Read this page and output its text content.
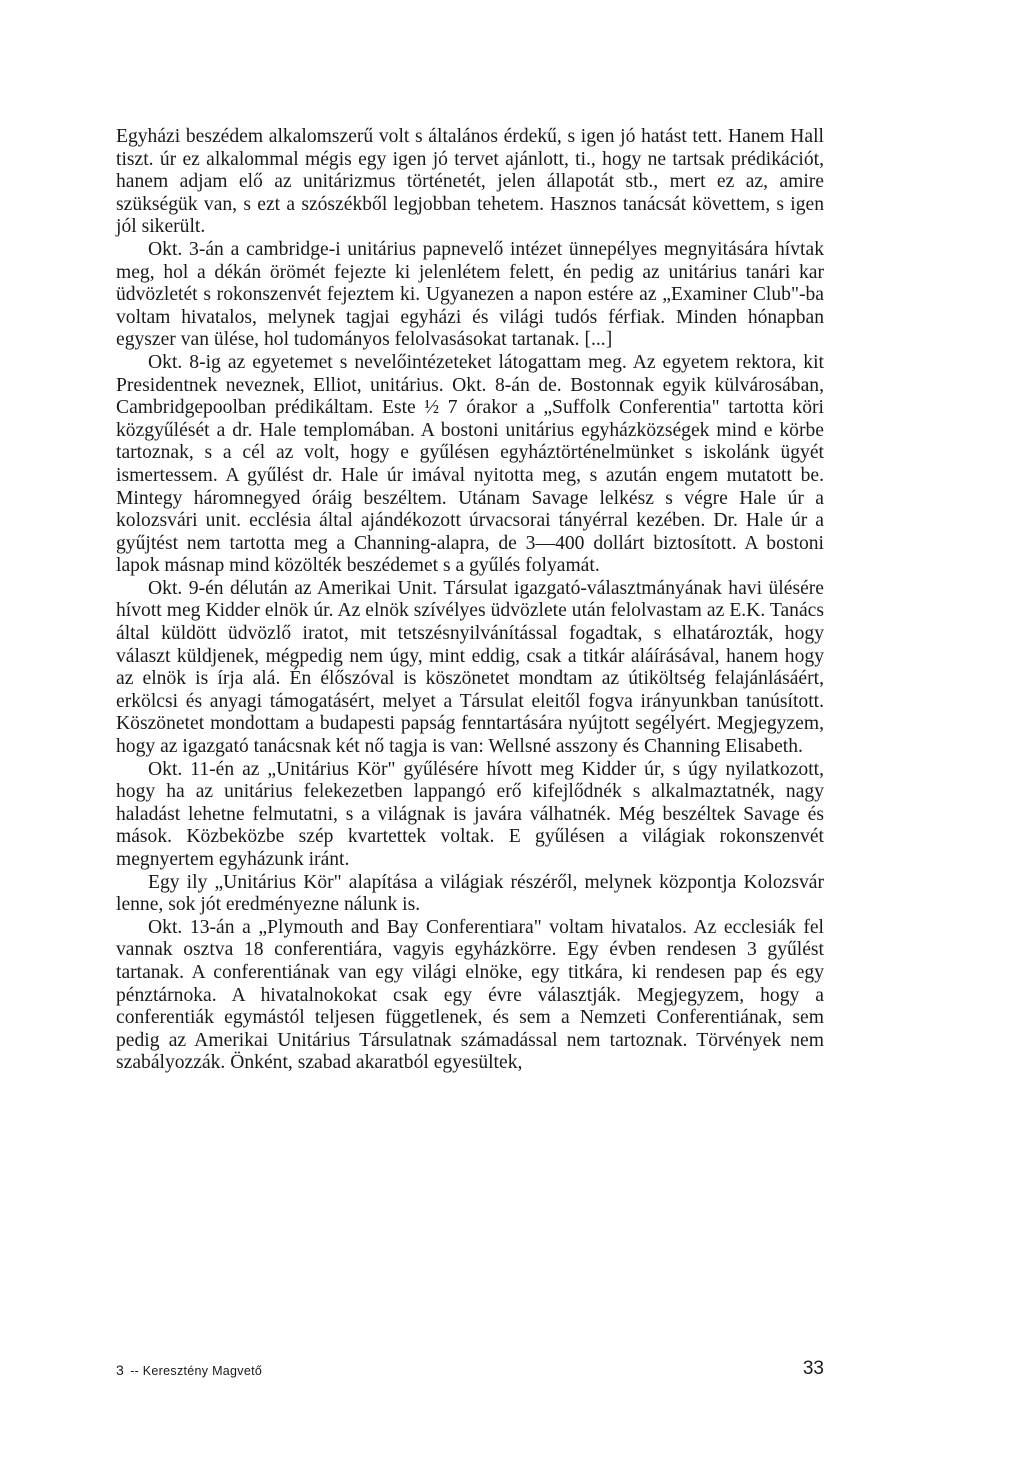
Egyházi beszédem alkalomszerű volt s általános érdekű, s igen jó hatást tett. Hanem Hall tiszt. úr ez alkalommal mégis egy igen jó tervet ajánlott, ti., hogy ne tartsak prédikációt, hanem adjam elő az unitárizmus történetét, jelen állapotát stb., mert ez az, amire szükségük van, s ezt a szószékből legjobban tehetem. Hasznos tanácsát követtem, s igen jól sikerült.

Okt. 3-án a cambridge-i unitárius papnevelő intézet ünnepélyes megnyitására hívtak meg, hol a dékán örömét fejezte ki jelenlétem felett, én pedig az unitárius tanári kar üdvözletét s rokonszenvét fejeztem ki. Ugyanezen a napon estére az „Examiner Club"-ba voltam hivatalos, melynek tagjai egyházi és világi tudós férfiak. Minden hónapban egyszer van ülése, hol tudományos felolvasásokat tartanak. [...]

Okt. 8-ig az egyetemet s nevelőintézeteket látogattam meg. Az egyetem rektora, kit Presidentnek neveznek, Elliot, unitárius. Okt. 8-án de. Bostonnak egyik külvárosában, Cambridgepoolban prédikáltam. Este ½ 7 órakor a „Suffolk Conferentia" tartotta köri közgyűlését a dr. Hale templomában. A bostoni unitárius egyházközségek mind e körbe tartoznak, s a cél az volt, hogy e gyűlésen egyháztörténelmünket s iskolánk ügyét ismertessem. A gyűlést dr. Hale úr imával nyitotta meg, s azután engem mutatott be. Mintegy háromnegyed óráig beszéltem. Utánam Savage lelkész s végre Hale úr a kolozsvári unit. ecclésia által ajándékozott úrvacsorai tányérral kezében. Dr. Hale úr a gyűjtést nem tartotta meg a Channing-alapra, de 3—400 dollárt biztosított. A bostoni lapok másnap mind közölték beszédemet s a gyűlés folyamát.

Okt. 9-én délután az Amerikai Unit. Társulat igazgató-választmányának havi ülésére hívott meg Kidder elnök úr. Az elnök szívélyes üdvözlete után felolvastam az E.K. Tanács által küldött üdvözlő iratot, mit tetszésnyilvánítással fogadtak, s elhatározták, hogy választ küldjenek, mégpedig nem úgy, mint eddig, csak a titkár aláírásával, hanem hogy az elnök is írja alá. Én élőszóval is köszönetet mondtam az útiköltség felajánlásáért, erkölcsi és anyagi támogatásért, melyet a Társulat eleitől fogva irányunkban tanúsított. Köszönetet mondottam a budapesti papság fenntartására nyújtott segélyért. Megjegyzem, hogy az igazgató tanácsnak két nő tagja is van: Wellsné asszony és Channing Elisabeth.

Okt. 11-én az „Unitárius Kör" gyűlésére hívott meg Kidder úr, s úgy nyilatkozott, hogy ha az unitárius felekezetben lappangó erő kifejlődnék s alkalmaztatnék, nagy haladást lehetne felmutatni, s a világnak is javára válhatnék. Még beszéltek Savage és mások. Közbeközbe szép kvartettek voltak. E gyűlésen a világiak rokonszenvét megnyertem egyházunk iránt.

Egy ily „Unitárius Kör" alapítása a világiak részéről, melynek központja Kolozsvár lenne, sok jót eredményezne nálunk is.

Okt. 13-án a „Plymouth and Bay Conferentiara" voltam hivatalos. Az ecclesiák fel vannak osztva 18 conferentiára, vagyis egyházkörre. Egy évben rendesen 3 gyűlést tartanak. A conferentiának van egy világi elnöke, egy titkára, ki rendesen pap és egy pénztárnoka. A hivatalnokokat csak egy évre választják. Megjegyzem, hogy a conferentiák egymástól teljesen függetlenek, és sem a Nemzeti Conferentiának, sem pedig az Amerikai Unitárius Társulatnak számadással nem tartoznak. Törvények nem szabályozzák. Önként, szabad akaratból egyesültek,

3 -- Keresztény Magvető	33
